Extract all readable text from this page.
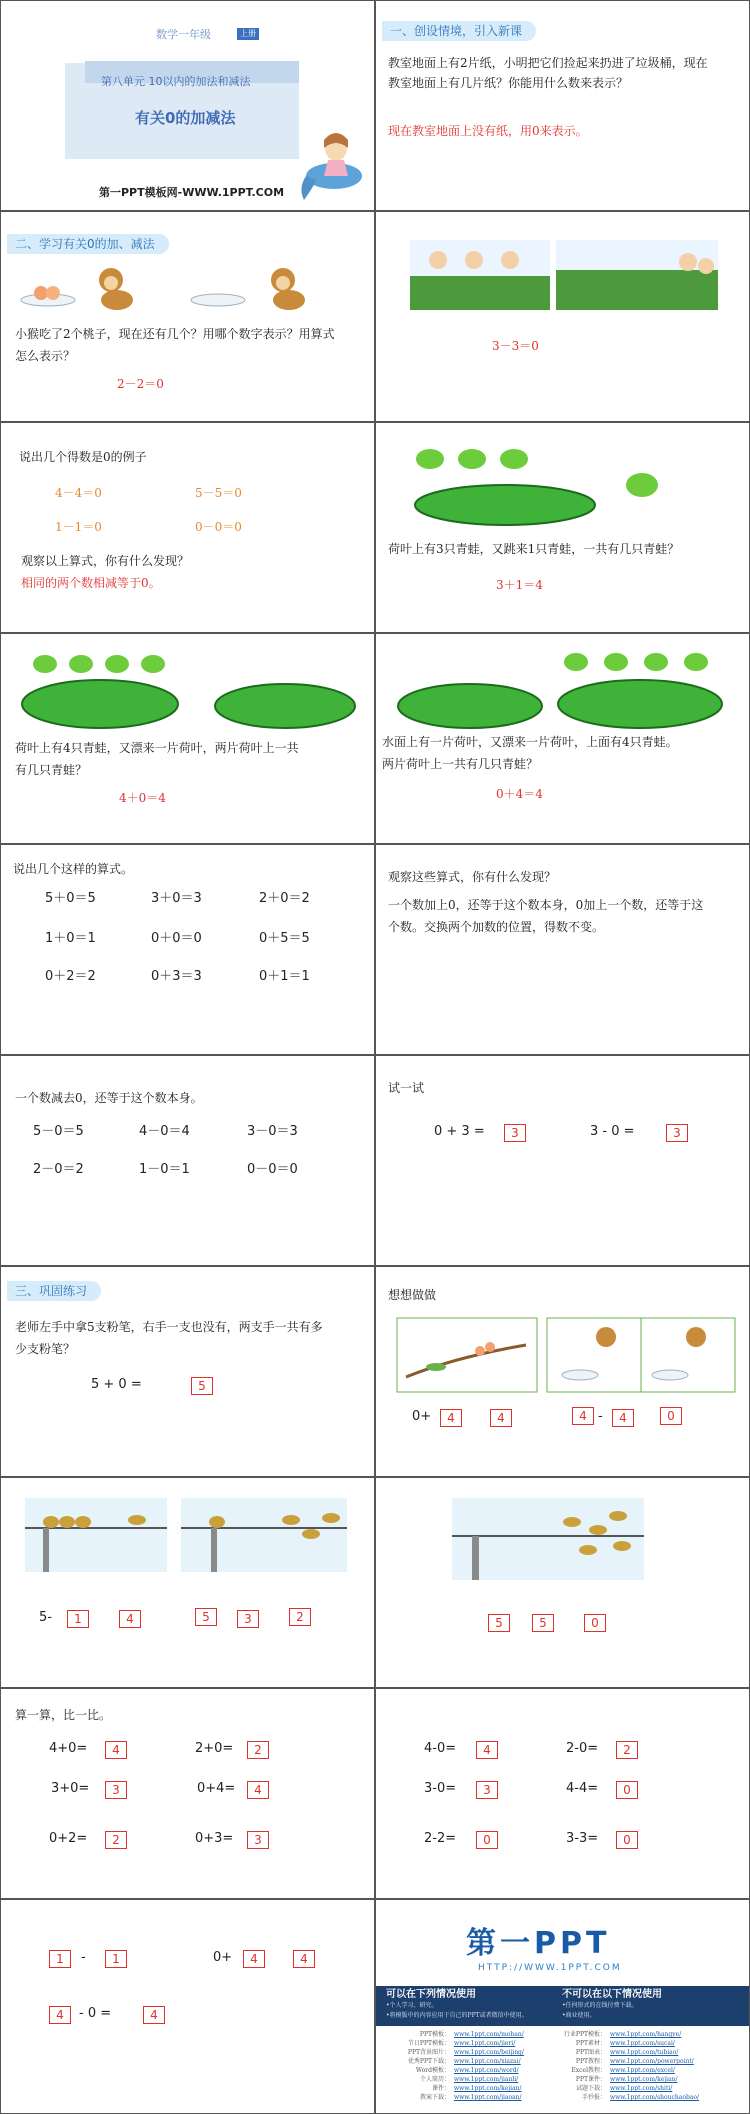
数学一年级	上册
第八单元 10以内的加法和减法
有关0的加减法
第一PPT模板网-WWW.1PPT.COM
一、创设情境，引入新课
教室地面上有2片纸，小明把它们捡起来扔进了垃圾桶，现在
教室地面上有几片纸？你能用什么数来表示？
现在教室地面上没有纸，用0来表示。
二、学习有关0的加、减法
小猴吃了2个桃子，现在还有几个？用哪个数字表示？用算式
怎么表示？
2－2＝0
3－3＝0
说出几个得数是0的例子
4－4＝0	5－5＝0
1－1＝0	0－0＝0
观察以上算式，你有什么发现？
相同的两个数相减等于0。
荷叶上有3只青蛙，又跳来1只青蛙，一共有几只青蛙？
3＋1＝4
荷叶上有4只青蛙，又漂来一片荷叶，两片荷叶上一共
有几只青蛙？
4＋0＝4
水面上有一片荷叶，又漂来一片荷叶，上面有4只青蛙。
两片荷叶上一共有几只青蛙？
0＋4＝4
说出几个这样的算式。
5＋0＝5	3＋0＝3	2＋0＝2
1＋0＝1	0＋0＝0	0＋5＝5
0＋2＝2	0＋3＝3	0＋1＝1
观察这些算式，你有什么发现？
一个数加上0，还等于这个数本身，0加上一个数，还等于这
个数。交换两个加数的位置，得数不变。
一个数减去0，还等于这个数本身。
5－0＝5	4－0＝4	3－0＝3
2－0＝2	1－0＝1	0－0＝0
试一试
0 + 3 =	3	3 - 0 =	3
三、巩固练习
老师左手中拿5支粉笔，右手一支也没有，两支手一共有多
少支粉笔？
5 + 0 =	5
想想做做
0+	4	4	4 -	4	0
5-	1	4	5	3	2	5	5	0
算一算，比一比。
4+0=	4	2+0=	2
3+0=	3	0+4=	4
0+2=	2	0+3=	3
4-0=	4	2-0=	2
3-0=	3	4-4=	0
2-2=	0	3-3=	0
1	-	1	0+	4	4
4	- 0 =	4
第一PPT
HTTP://WWW.1PPT.COM
可以在下列情况使用
•个人学习、研究。
•将模版中的内容应用于自己的PPT或者微信中使用。
不可以在以下情况使用
•任何形式的在线付费下载。
•商业使用。
PPT模板： www.1ppt.com/moban/
节日PPT模板： www.1ppt.com/jieri/
PPT背景图片： www.1ppt.com/beijing/
优秀PPT下载： www.1ppt.com/xiazai/
Word模板： www.1ppt.com/word/
个人简历： www.1ppt.com/jianli/
课件： www.1ppt.com/kejian/
教案下载： www.1ppt.com/jiaoan/
行业PPT模板： www.1ppt.com/hangye/
PPT素材： www.1ppt.com/sucai/
PPT图表： www.1ppt.com/tubiao/
PPT教程： www.1ppt.com/powerpoint/
Excel教程： www.1ppt.com/excel/
PPT课件： www.1ppt.com/kejian/
试题下载： www.1ppt.com/shiti/
手抄报： www.1ppt.com/shouchaobao/
